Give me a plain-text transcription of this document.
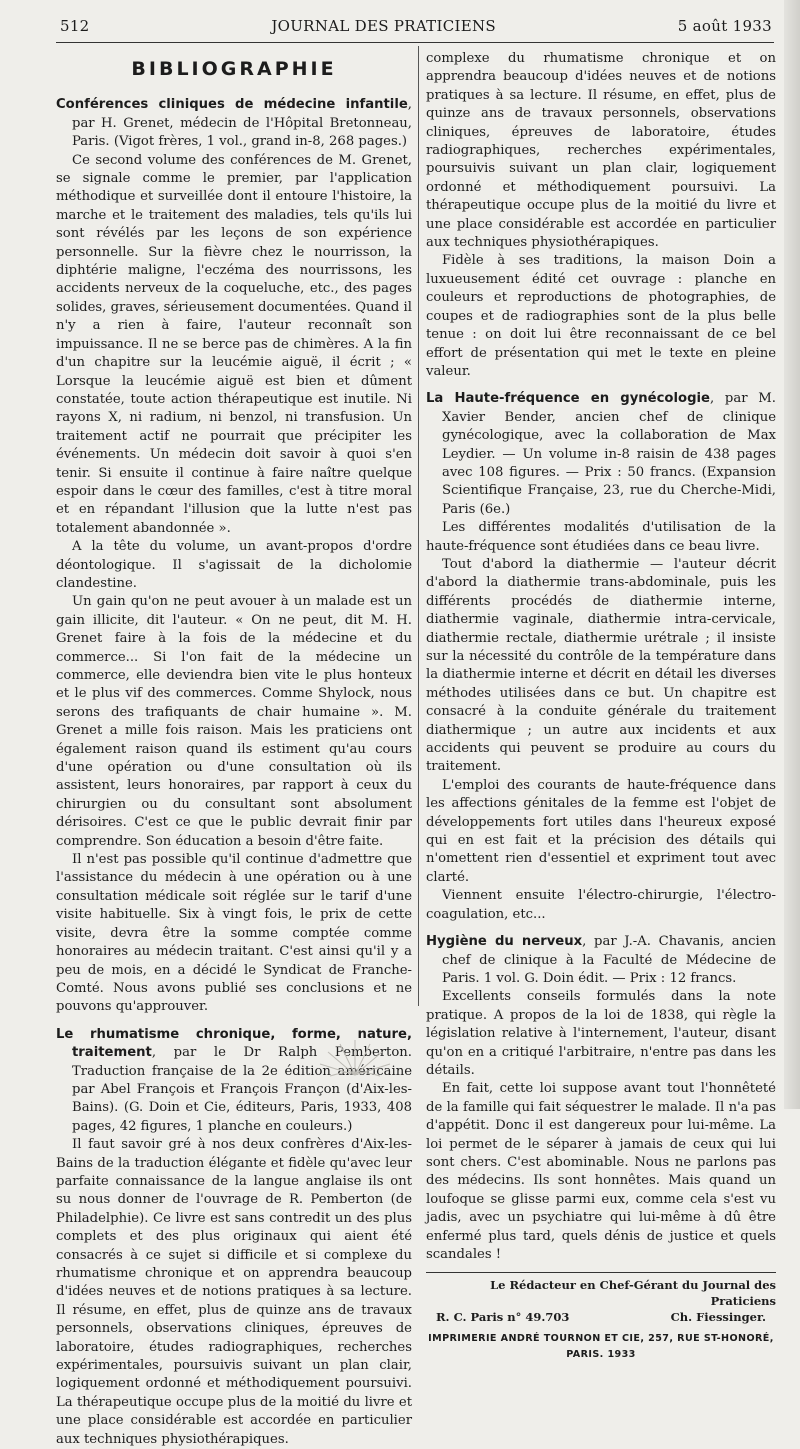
512	JOURNAL DES PRATICIENS	5 août 1933
BIBLIOGRAPHIE

Conférences cliniques de médecine infantile, par H. Grenet, médecin de l'Hôpital Bretonneau, Paris. (Vigot frères, 1 vol., grand in-8, 268 pages.)

Ce second volume des conférences de M. Grenet, se signale comme le premier, par l'application méthodique et surveillée dont il entoure l'histoire, la marche et le traitement des maladies, tels qu'ils lui sont révélés par les leçons de son expérience personnelle. Sur la fièvre chez le nourrisson, la diphtérie maligne, l'eczéma des nourrissons, les accidents nerveux de la coqueluche, etc., des pages solides, graves, sérieusement documentées. Quand il n'y a rien à faire, l'auteur reconnaît son impuissance. Il ne se berce pas de chimères. A la fin d'un chapitre sur la leucémie aiguë, il écrit ; « Lorsque la leucémie aiguë est bien et dûment constatée, toute action thérapeutique est inutile. Ni rayons X, ni radium, ni benzol, ni transfusion. Un traitement actif ne pourrait que précipiter les événements. Un médecin doit savoir à quoi s'en tenir. Si ensuite il continue à faire naître quelque espoir dans le cœur des familles, c'est à titre moral et en répandant l'illusion que la lutte n'est pas totalement abandonnée ».

A la tête du volume, un avant-propos d'ordre déontologique. Il s'agissait de la dicholomie clandestine.

Un gain qu'on ne peut avouer à un malade est un gain illicite, dit l'auteur. « On ne peut, dit M. H. Grenet faire à la fois de la médecine et du commerce... Si l'on fait de la médecine un commerce, elle deviendra bien vite le plus honteux et le plus vif des commerces. Comme Shylock, nous serons des trafiquants de chair humaine ». M. Grenet a mille fois raison. Mais les praticiens ont également raison quand ils estiment qu'au cours d'une opération ou d'une consultation où ils assistent, leurs honoraires, par rapport à ceux du chirurgien ou du consultant sont absolument dérisoires. C'est ce que le public devrait finir par comprendre. Son éducation a besoin d'être faite.

Il n'est pas possible qu'il continue d'admettre que l'assistance du médecin à une opération ou à une consultation médicale soit réglée sur le tarif d'une visite habituelle. Six à vingt fois, le prix de cette visite, devra être la somme comptée comme honoraires au médecin traitant. C'est ainsi qu'il y a peu de mois, en a décidé le Syndicat de Franche-Comté. Nous avons publié ses conclusions et ne pouvons qu'approuver.

Le rhumatisme chronique, forme, nature, traitement, par le Dr Ralph Pemberton. Traduction française de la 2e édition américaine par Abel François et François Françon (d'Aix-les-Bains). (G. Doin et Cie, éditeurs, Paris, 1933, 408 pages, 42 figures, 1 planche en couleurs.)

Il faut savoir gré à nos deux confrères d'Aix-les-Bains de la traduction élégante et fidèle qu'avec leur parfaite connaissance de la langue anglaise ils ont su nous donner de l'ouvrage de R. Pemberton (de Philadelphie). Ce livre est sans contredit un des plus complets et des plus originaux qui aient été consacrés à ce sujet si difficile et si complexe du rhumatisme chronique et on apprendra beaucoup d'idées neuves et de notions pratiques à sa lecture. Il résume, en effet, plus de quinze ans de travaux personnels, observations cliniques, épreuves de laboratoire, études radiographiques, recherches expérimentales, poursuivis suivant un plan clair, logiquement ordonné et méthodiquement poursuivi. La thérapeutique occupe plus de la moitié du livre et une place considérable est accordée en particulier aux techniques physiothérapiques.

complexe du rhumatisme chronique et on apprendra beaucoup d'idées neuves et de notions pratiques à sa lecture. Il résume, en effet, plus de quinze ans de travaux personnels, observations cliniques, épreuves de laboratoire, études radiographiques, recherches expérimentales, poursuivis suivant un plan clair, logiquement ordonné et méthodiquement poursuivi. La thérapeutique occupe plus de la moitié du livre et une place considérable est accordée en particulier aux techniques physiothérapiques.

Fidèle à ses traditions, la maison Doin a luxueusement édité cet ouvrage : planche en couleurs et reproductions de photographies, de coupes et de radiographies sont de la plus belle tenue : on doit lui être reconnaissant de ce bel effort de présentation qui met le texte en pleine valeur.

La Haute-fréquence en gynécologie, par M. Xavier Bender, ancien chef de clinique gynécologique, avec la collaboration de Max Leydier. — Un volume in-8 raisin de 438 pages avec 108 figures. — Prix : 50 francs. (Expansion Scientifique Française, 23, rue du Cherche-Midi, Paris (6e.)

Les différentes modalités d'utilisation de la haute-fréquence sont étudiées dans ce beau livre.

Tout d'abord la diathermie — l'auteur décrit d'abord la diathermie trans-abdominale, puis les différents procédés de diathermie interne, diathermie vaginale, diathermie intra-cervicale, diathermie rectale, diathermie urétrale ; il insiste sur la nécessité du contrôle de la température dans la diathermie interne et décrit en détail les diverses méthodes utilisées dans ce but. Un chapitre est consacré à la conduite générale du traitement diathermique ; un autre aux incidents et aux accidents qui peuvent se produire au cours du traitement.

L'emploi des courants de haute-fréquence dans les affections génitales de la femme est l'objet de développements fort utiles dans l'heureux exposé qui en est fait et la précision des détails qui n'omettent rien d'essentiel et expriment tout avec clarté.

Viennent ensuite l'électro-chirurgie, l'électro-coagulation, etc...

Hygiène du nerveux, par J.-A. Chavanis, ancien chef de clinique à la Faculté de Médecine de Paris. 1 vol. G. Doin édit. — Prix : 12 francs.

Excellents conseils formulés dans la note pratique. A propos de la loi de 1838, qui règle la législation relative à l'internement, l'auteur, disant qu'on en a critiqué l'arbitraire, n'entre pas dans les détails.

En fait, cette loi suppose avant tout l'honnêteté de la famille qui fait séquestrer le malade. Il n'a pas d'appétit. Donc il est dangereux pour lui-même. La loi permet de le séparer à jamais de ceux qui lui sont chers. C'est abominable. Nous ne parlons pas des médecins. Ils sont honnêtes. Mais quand un loufoque se glisse parmi eux, comme cela s'est vu jadis, avec un psychiatre qui lui-même à dû être enfermé plus tard, quels dénis de justice et quels scandales !

Le Rédacteur en Chef-Gérant du Journal des Praticiens
R. C. Paris n° 49.703	Ch. Fiessinger.
IMPRIMERIE ANDRÉ TOURNON ET CIE, 257, RUE ST-HONORÉ, PARIS. 1933
